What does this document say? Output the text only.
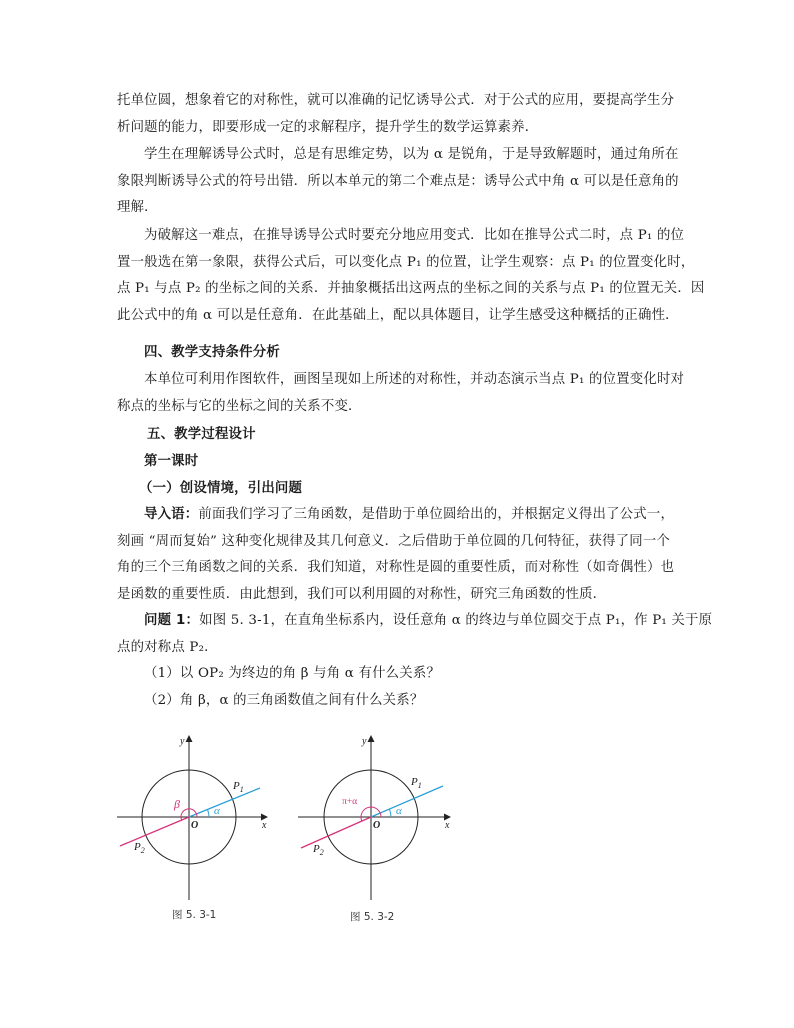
托单位圆，想象着它的对称性，就可以准确的记忆诱导公式．对于公式的应用，要提高学生分
析问题的能力，即要形成一定的求解程序，提升学生的数学运算素养．

学生在理解诱导公式时，总是有思维定势，以为 α 是锐角，于是导致解题时，通过角所在
象限判断诱导公式的符号出错．所以本单元的第二个难点是：诱导公式中角 α 可以是任意角的
理解．

为破解这一难点，在推导诱导公式时要充分地应用变式．比如在推导公式二时，点 P₁ 的位
置一般选在第一象限，获得公式后，可以变化点 P₁ 的位置，让学生观察：点 P₁ 的位置变化时，
点 P₁ 与点 P₂ 的坐标之间的关系．并抽象概括出这两点的坐标之间的关系与点 P₁ 的位置无关．因
此公式中的角 α 可以是任意角．在此基础上，配以具体题目，让学生感受这种概括的正确性．

四、教学支持条件分析

本单位可利用作图软件，画图呈现如上所述的对称性，并动态演示当点 P₁ 的位置变化时对
称点的坐标与它的坐标之间的关系不变．

五、教学过程设计

第一课时

（一）创设情境，引出问题

导入语：前面我们学习了三角函数，是借助于单位圆给出的，并根据定义得出了公式一，
刻画 “周而复始” 这种变化规律及其几何意义．之后借助于单位圆的几何特征，获得了同一个
角的三个三角函数之间的关系．我们知道，对称性是圆的重要性质，而对称性（如奇偶性）也
是函数的重要性质．由此想到，我们可以利用圆的对称性，研究三角函数的性质．

问题 1：如图 5. 3-1，在直角坐标系内，设任意角 α 的终边与单位圆交于点 P₁，作 P₁ 关于原
点的对称点 P₂．
（1）以 OP₂ 为终边的角 β 与角 α 有什么关系？
（2）角 β，α 的三角函数值之间有什么关系？

α
β
O	x
y
$P_1$
$P_2$
图 5. 3-1
α
π+α
O	x
y
$P_1$
$P_2$
图 5. 3-2
